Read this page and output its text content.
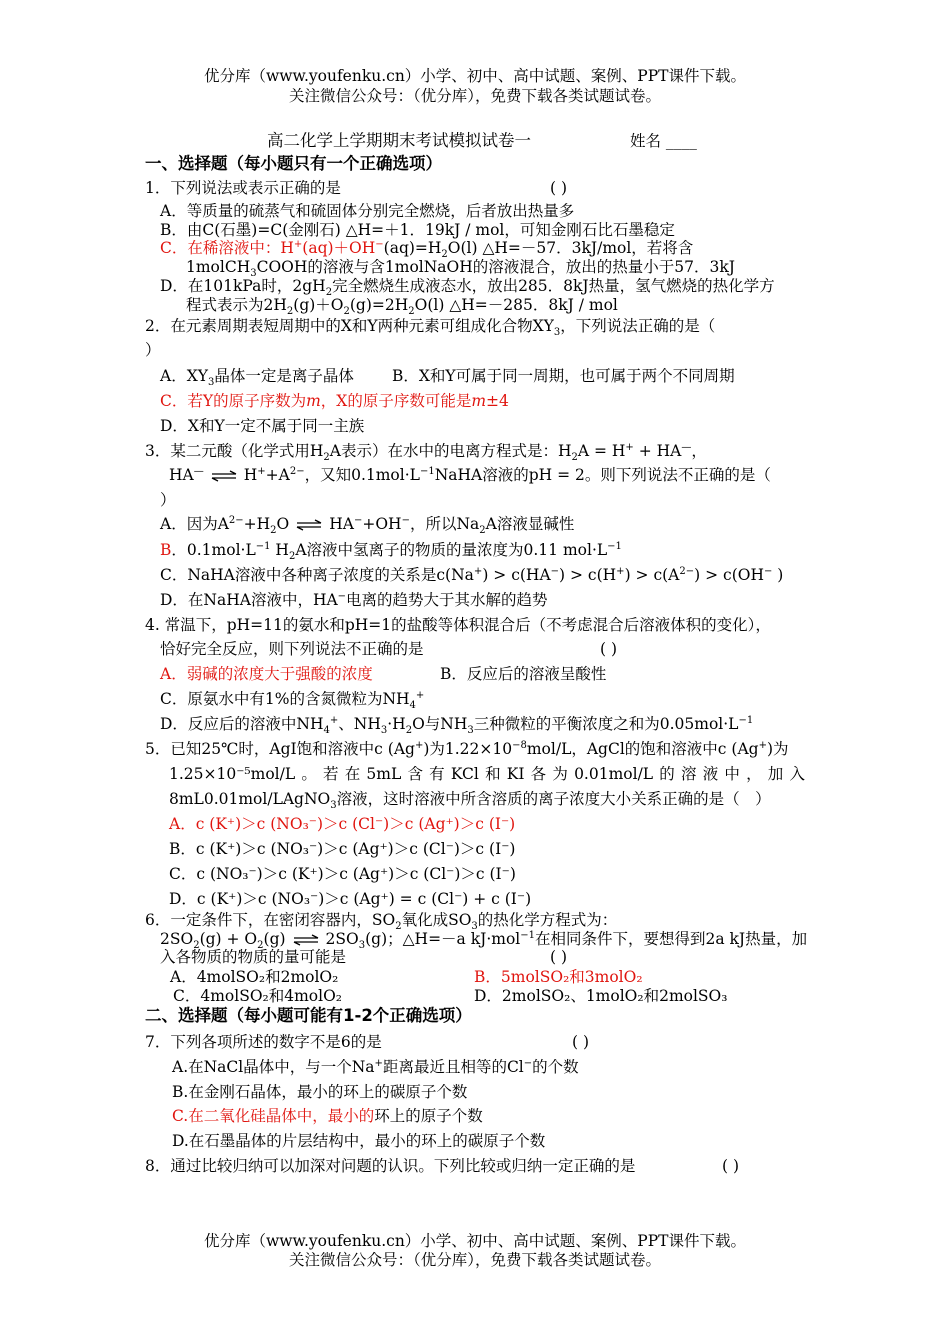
优分库（www.youfenku.cn）小学、初中、高中试题、案例、PPT课件下载。
关注微信公众号：（优分库），免费下载各类试题试卷。
高二化学上学期期末考试模拟试卷一	姓名 ____
一、选择题（每小题只有一个正确选项）
1．下列说法或表示正确的是	( )
A．等质量的硫蒸气和硫固体分别完全燃烧，后者放出热量多
B．由C(石墨)=C(金刚石) △H=＋1．19kJ / mol，可知金刚石比石墨稳定
C．在稀溶液中：$H^+(aq)+OH^-(aq)=H_2O(l)$ △H=－57．3kJ/mol，若将含
1molCH$_3$COOH的溶液与含1molNaOH的溶液混合，放出的热量小于57．3kJ
D．在101kPa时，$2gH_2$完全燃烧生成液态水，放出285．8kJ热量，氢气燃烧的热化学方
程式表示为$2H_2(g)+O_2(g)=2H_2O(l)$ △H=－285．8kJ / mol
2．在元素周期表短周期中的X和Y两种元素可组成化合物$XY_3$，下列说法正确的是（
）
A．$XY_3$晶体一定是离子晶体 B．X和Y可属于同一周期，也可属于两个不同周期
C．若Y的原子序数为m，X的原子序数可能是m±4
D．X和Y一定不属于同一主族
3．某二元酸（化学式用$H_2A$表示）在水中的电离方程式是：$H_2A = H^+ + HA^—$，
HA— ⇌ $H^++A^{2-}$，又知$0.1mol\cdot L^{-1}NaHA$溶液的pH = 2。则下列说法不正确的是（
）
A．因为$A^{2-}+H_2O$ ⇌ HA−+OH−，所以$Na_2A$溶液显碱性
B．$0.1mol\cdot L^{-1}$ $H_2A$溶液中氢离子的物质的量浓度为0.11 $mol\cdot L^{-1}$
C．NaHA溶液中各种离子浓度的关系是$c(Na^+) > c(HA^-) > c(H^+) > c(A^{2-}) > c(OH^-$ )
D．在NaHA溶液中，HA−电离的趋势大于其水解的趋势
4. 常温下，pH=11的氨水和pH=1的盐酸等体积混合后（不考虑混合后溶液体积的变化），
恰好完全反应，则下列说法不正确的是	( )
A．弱碱的浓度大于强酸的浓度	B．反应后的溶液呈酸性
C．原氨水中有1%的含氮微粒为$NH_4^+$
D．反应后的溶液中$NH_4^+$、$NH_3\cdot H_2O$与$NH_3$三种微粒的平衡浓度之和为$0.05mol\cdot L^{-1}$
5．已知25℃时，AgI饱和溶液中c (Ag+)为$1.22\times 10^{-8}mol/L$，AgCl的饱和溶液中c (Ag+)为
1.25×10⁻⁵mol/L。若在5mL含有KCl和KI各为0.01mol/L的溶液中，加入
8mL0.01mol/LAgNO$_3$溶液，这时溶液中所含溶质的离子浓度大小关系正确的是（　）
A．c (K⁺)＞c (NO₃⁻)＞c (Cl⁻)＞c (Ag⁺)＞c (I⁻)
B．c (K⁺)＞c (NO₃⁻)＞c (Ag⁺)＞c (Cl⁻)＞c (I⁻)
C．c (NO₃⁻)＞c (K⁺)＞c (Ag⁺)＞c (Cl⁻)＞c (I⁻)
D．c (K⁺)＞c (NO₃⁻)＞c (Ag⁺) = c (Cl⁻) + c (I⁻)
6．一定条件下，在密闭容器内，$SO_2$氧化成$SO_3$的热化学方程式为：
$2SO_2(g) + O_2(g)$ ⇌ $2SO_3(g)$；△H=－a kJ·mol$^{-1}$在相同条件下，要想得到2a kJ热量，加
入各物质的物质的量可能是	( )
A．4molSO₂和2molO₂	B．5molSO₂和3molO₂
C．4molSO₂和4molO₂	D．2molSO₂、1molO₂和2molSO₃
二、选择题（每小题可能有1-2个正确选项）
7．下列各项所述的数字不是6的是	( )
A.在NaCl晶体中，与一个Na+距离最近且相等的Cl−的个数
B.在金刚石晶体，最小的环上的碳原子个数
C.在二氧化硅晶体中，最小的环上的原子个数
D.在石墨晶体的片层结构中，最小的环上的碳原子个数
8．通过比较归纳可以加深对问题的认识。下列比较或归纳一定正确的是	( )
优分库（www.youfenku.cn）小学、初中、高中试题、案例、PPT课件下载。
关注微信公众号：（优分库），免费下载各类试题试卷。
